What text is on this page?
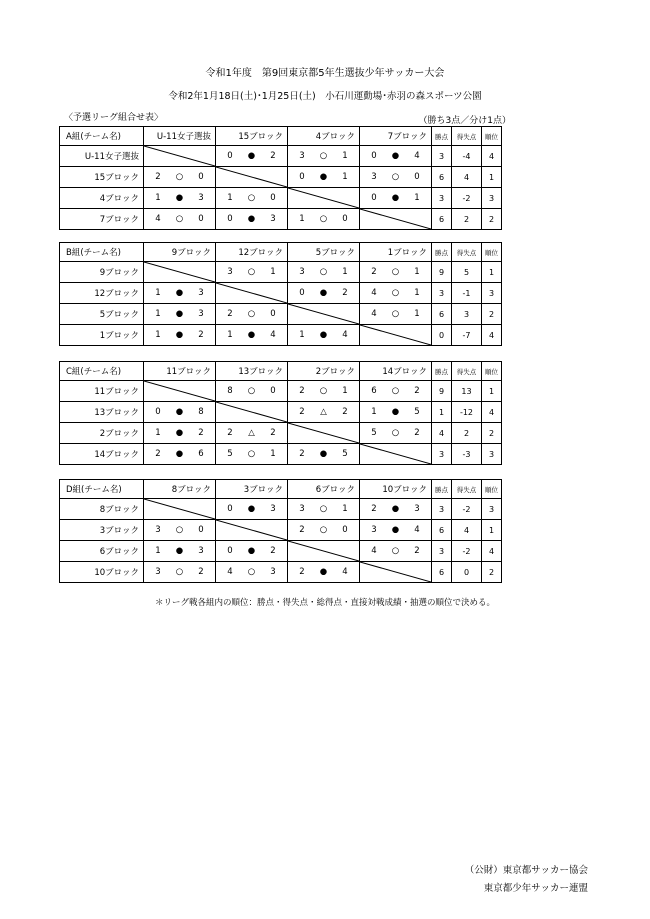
令和1年度　第9回東京都5年生選抜少年サッカー大会
令和2年1月18日(土)･1月25日(土)　小石川運動場･赤羽の森スポーツ公園
〈予選リーグ組合せ表〉	（勝ち3点／分け1点）
A組(チーム名)	U-11女子選抜	15ブロック	4ブロック	7ブロック	勝点	得失点	順位
U-11女子選抜		0 ● 2	3 ○ 1	0 ● 4	3	-4	4
15ブロック	2 ○ 0		0 ● 1	3 ○ 0	6	4	1
4ブロック	1 ● 3	1 ○ 0		0 ● 1	3	-2	3
7ブロック	4 ○ 0	0 ● 3	1 ○ 0		6	2	2
B組(チーム名)	9ブロック	12ブロック	5ブロック	1ブロック	勝点	得失点	順位
9ブロック		3 ○ 1	3 ○ 1	2 ○ 1	9	5	1
12ブロック	1 ● 3		0 ● 2	4 ○ 1	3	-1	3
5ブロック	1 ● 3	2 ○ 0		4 ○ 1	6	3	2
1ブロック	1 ● 2	1 ● 4	1 ● 4		0	-7	4
C組(チーム名)	11ブロック	13ブロック	2ブロック	14ブロック	勝点	得失点	順位
11ブロック		8 ○ 0	2 ○ 1	6 ○ 2	9	13	1
13ブロック	0 ● 8		2 △ 2	1 ● 5	1	-12	4
2ブロック	1 ● 2	2 △ 2		5 ○ 2	4	2	2
14ブロック	2 ● 6	5 ○ 1	2 ● 5		3	-3	3
D組(チーム名)	8ブロック	3ブロック	6ブロック	10ブロック	勝点	得失点	順位
8ブロック		0 ● 3	3 ○ 1	2 ● 3	3	-2	3
3ブロック	3 ○ 0		2 ○ 0	3 ● 4	6	4	1
6ブロック	1 ● 3	0 ● 2		4 ○ 2	3	-2	4
10ブロック	3 ○ 2	4 ○ 3	2 ● 4		6	0	2
＊リーグ戦各組内の順位：勝点・得失点・総得点・直接対戦成績・抽選の順位で決める。
（公財）東京都サッカー協会
東京都少年サッカー連盟
